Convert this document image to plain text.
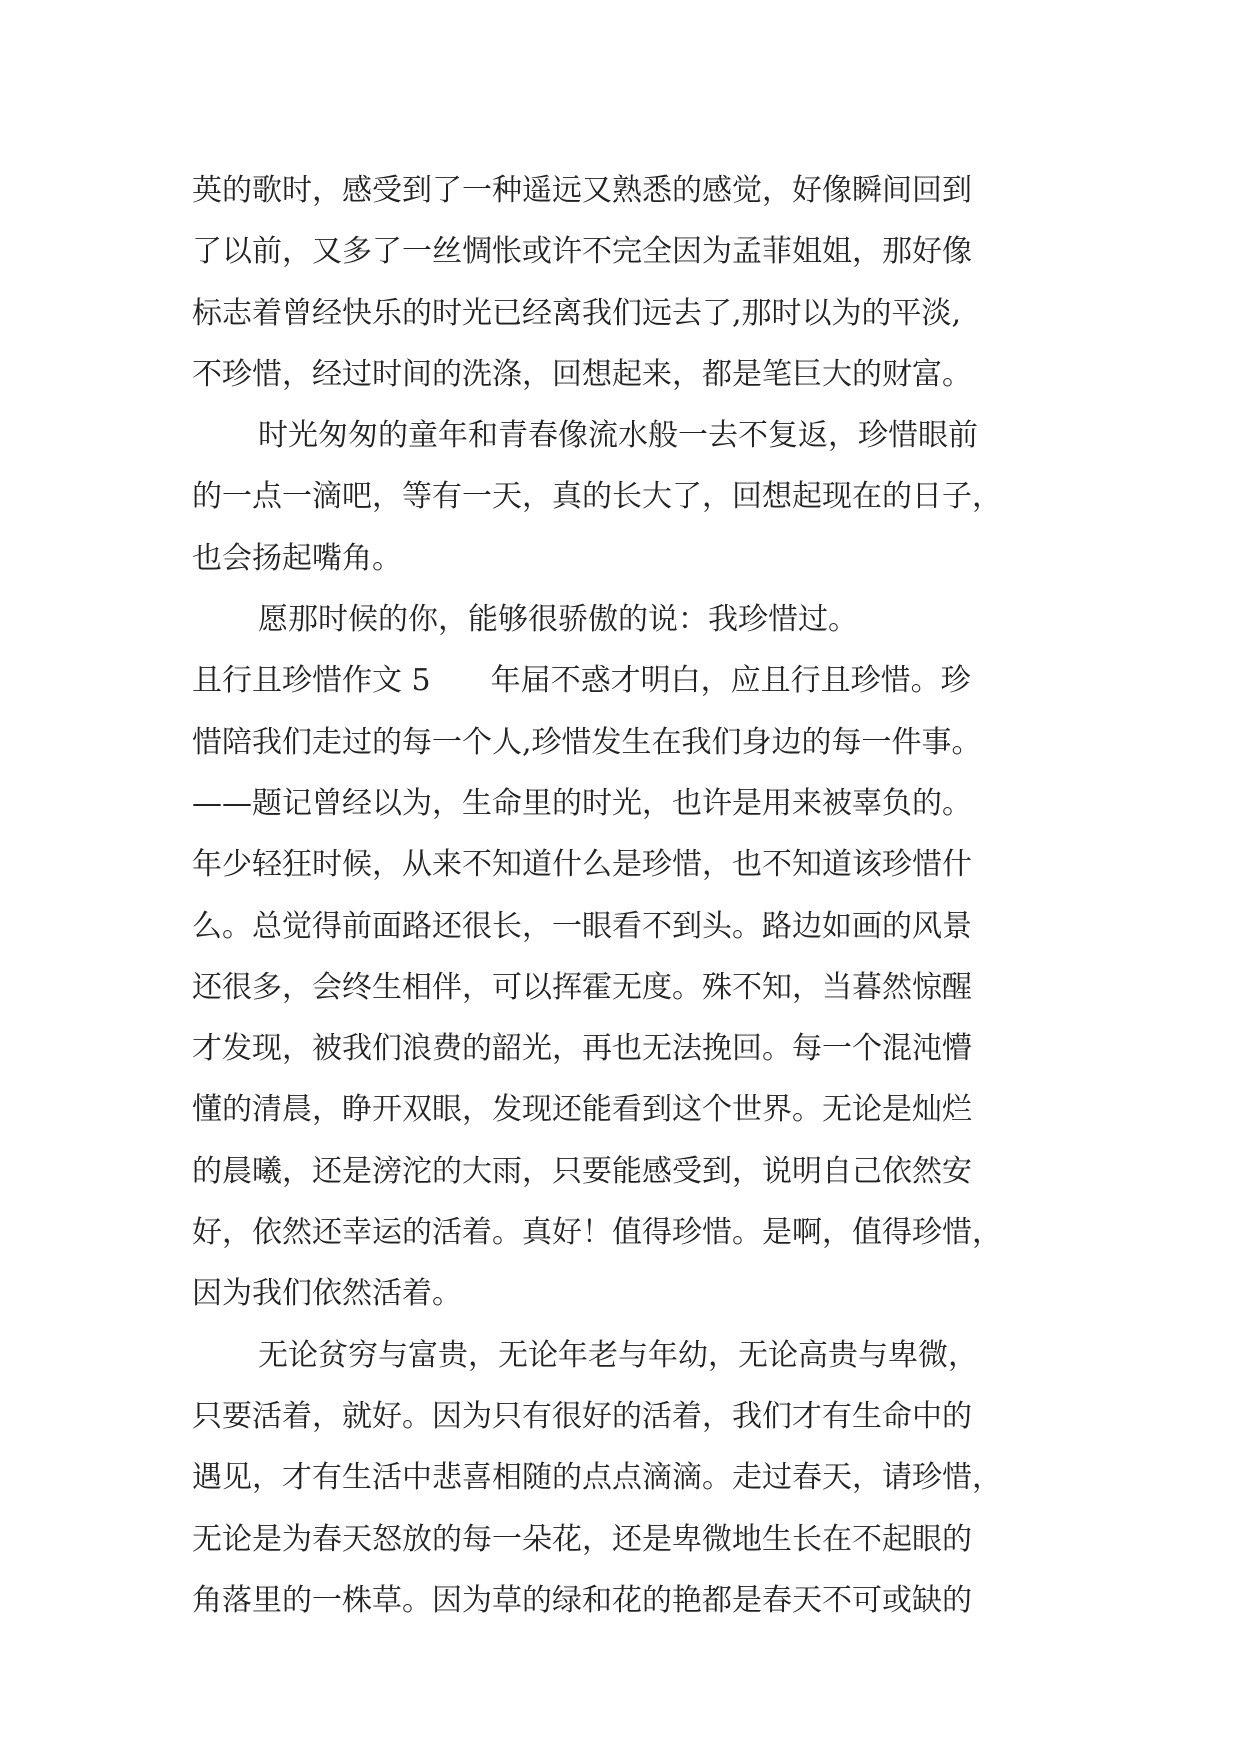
英的歌时，感受到了一种遥远又熟悉的感觉，好像瞬间回到
了以前，又多了一丝惆怅或许不完全因为孟菲姐姐，那好像
标志着曾经快乐的时光已经离我们远去了,那时以为的平淡,
不珍惜，经过时间的洗涤，回想起来，都是笔巨大的财富。
时光匆匆的童年和青春像流水般一去不复返，珍惜眼前
的一点一滴吧，等有一天，真的长大了，回想起现在的日子，
也会扬起嘴角。
愿那时候的你，能够很骄傲的说：我珍惜过。
且行且珍惜作文 5　　年届不惑才明白，应且行且珍惜。珍
惜陪我们走过的每一个人,珍惜发生在我们身边的每一件事。
——题记曾经以为，生命里的时光，也许是用来被辜负的。
年少轻狂时候，从来不知道什么是珍惜，也不知道该珍惜什
么。总觉得前面路还很长，一眼看不到头。路边如画的风景
还很多，会终生相伴，可以挥霍无度。殊不知，当暮然惊醒
才发现，被我们浪费的韶光，再也无法挽回。每一个混沌懵
懂的清晨，睁开双眼，发现还能看到这个世界。无论是灿烂
的晨曦，还是滂沱的大雨，只要能感受到，说明自己依然安
好，依然还幸运的活着。真好！值得珍惜。是啊，值得珍惜，
因为我们依然活着。
无论贫穷与富贵，无论年老与年幼，无论高贵与卑微，
只要活着，就好。因为只有很好的活着，我们才有生命中的
遇见，才有生活中悲喜相随的点点滴滴。走过春天，请珍惜，
无论是为春天怒放的每一朵花，还是卑微地生长在不起眼的
角落里的一株草。因为草的绿和花的艳都是春天不可或缺的
